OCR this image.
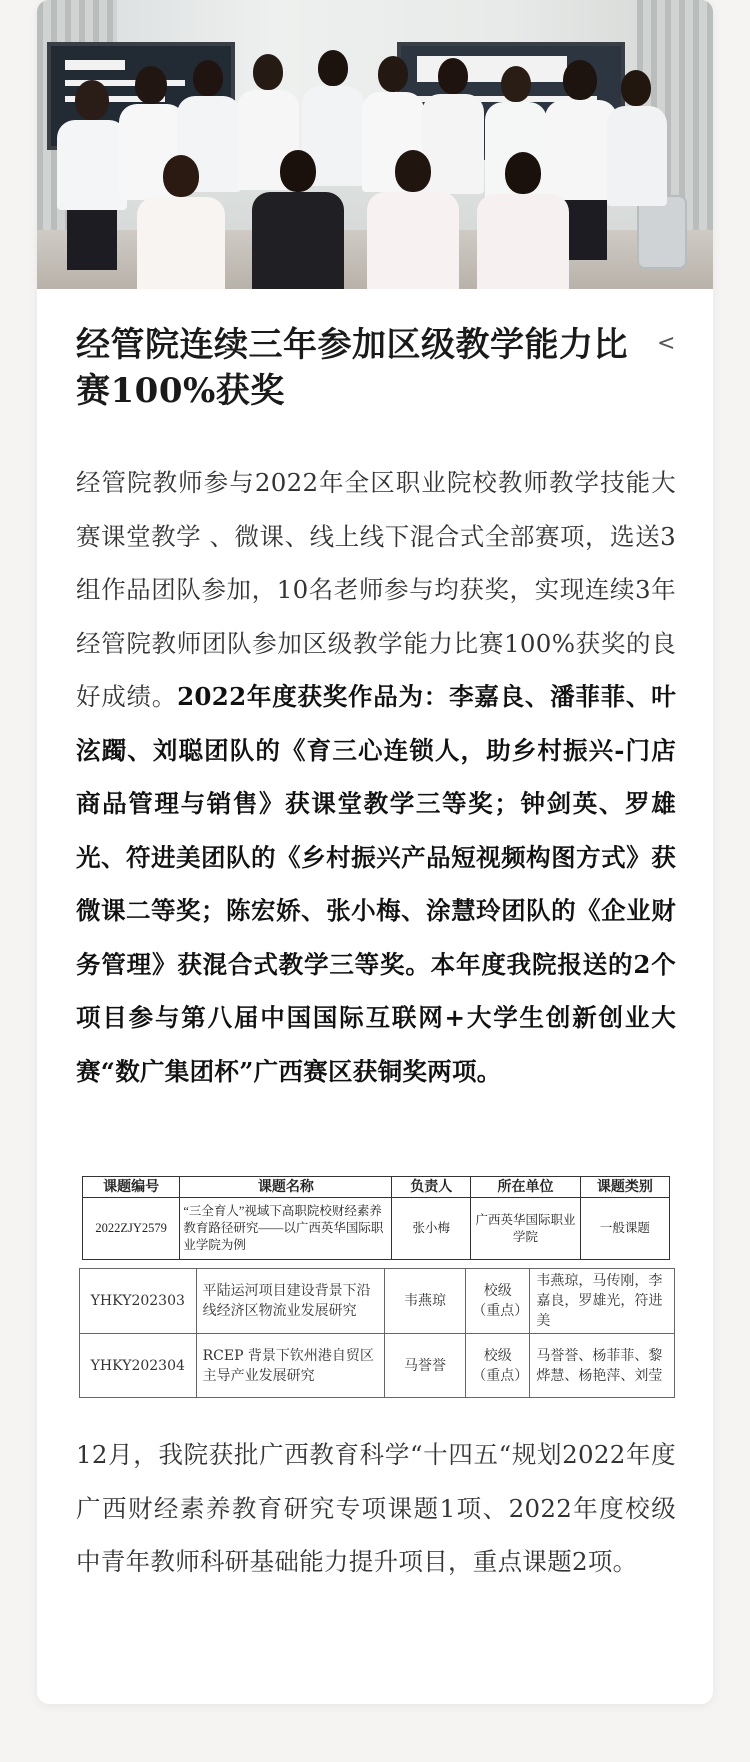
经管院连续三年参加区级教学能力比赛100%获奖
<
经管院教师参与2022年全区职业院校教师教学技能大赛课堂教学 、微课、线上线下混合式全部赛项，选送3组作品团队参加，10名老师参与均获奖，实现连续3年经管院教师团队参加区级教学能力比赛100%获奖的良好成绩。2022年度获奖作品为：李嘉良、潘菲菲、叶泫躅、刘聪团队的《育三心连锁人，助乡村振兴-门店商品管理与销售》获课堂教学三等奖；钟剑英、罗雄光、符进美团队的《乡村振兴产品短视频构图方式》获微课二等奖；陈宏娇、张小梅、涂慧玲团队的《企业财务管理》获混合式教学三等奖。本年度我院报送的2个项目参与第八届中国国际互联网+大学生创新创业大赛“数广集团杯”广西赛区获铜奖两项。
课题编号	课题名称	负责人	所在单位	课题类别
2022ZJY2579	“三全育人”视域下高职院校财经素养教育路径研究——以广西英华国际职业学院为例	张小梅	广西英华国际职业学院	一般课题
YHKY202303	平陆运河项目建设背景下沿线经济区物流业发展研究	韦燕琼	校级（重点）	韦燕琼，马传刚，李嘉良，罗雄光，符进美
YHKY202304	RCEP 背景下钦州港自贸区主导产业发展研究	马誉誉	校级（重点）	马誉誉、杨菲菲、黎烨慧、杨艳萍、刘莹
12月，我院获批广西教育科学“十四五“规划2022年度广西财经素养教育研究专项课题1项、2022年度校级中青年教师科研基础能力提升项目，重点课题2项。
